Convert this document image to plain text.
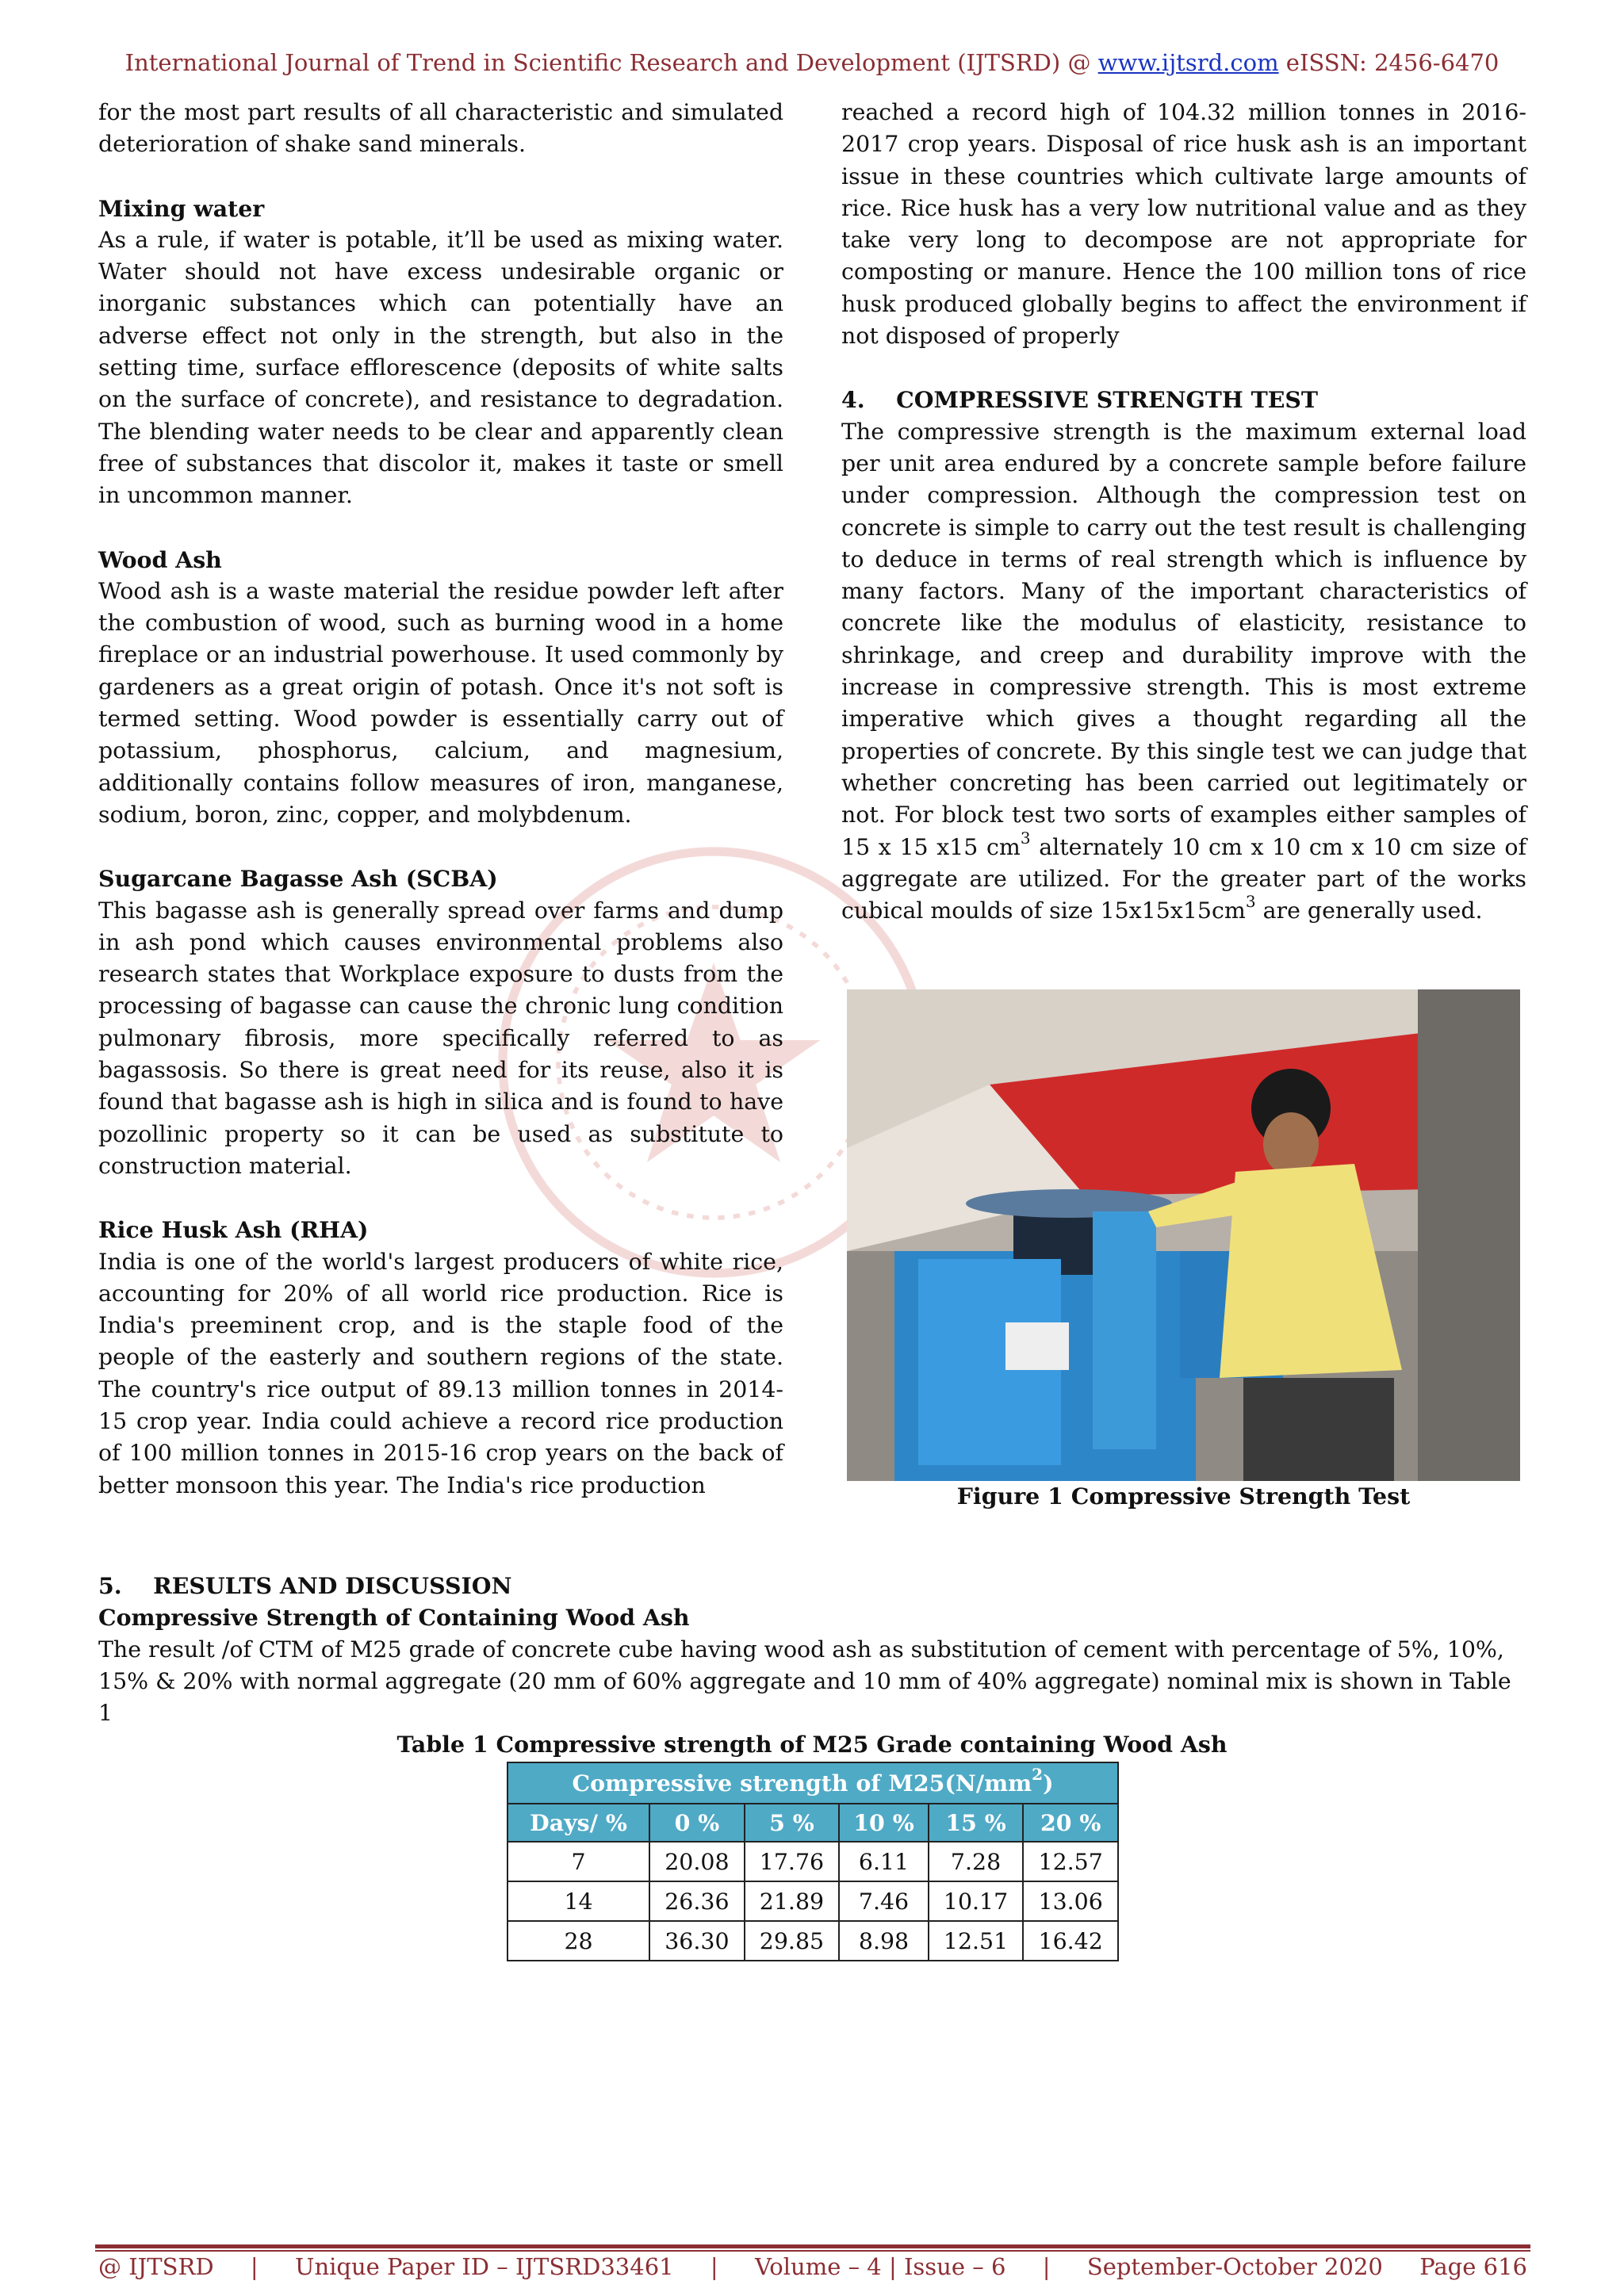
International Journal of Trend in Scientific Research and Development (IJTSRD) @ www.ijtsrd.com eISSN: 2456-6470

for the most part results of all characteristic and simulated deterioration of shake sand minerals.

Mixing water

As a rule, if water is potable, it’ll be used as mixing water. Water should not have excess undesirable organic or inorganic substances which can potentially have an adverse effect not only in the strength, but also in the setting time, surface efflorescence (deposits of white salts on the surface of concrete), and resistance to degradation. The blending water needs to be clear and apparently clean free of substances that discolor it, makes it taste or smell in uncommon manner.

Wood Ash

Wood ash is a waste material the residue powder left after the combustion of wood, such as burning wood in a home fireplace or an industrial powerhouse. It used commonly by gardeners as a great origin of potash. Once it's not soft is termed setting. Wood powder is essentially carry out of potassium, phosphorus, calcium, and magnesium, additionally contains follow measures of iron, manganese, sodium, boron, zinc, copper, and molybdenum.

Sugarcane Bagasse Ash (SCBA)

This bagasse ash is generally spread over farms and dump in ash pond which causes environmental problems also research states that Workplace exposure to dusts from the processing of bagasse can cause the chronic lung condition pulmonary fibrosis, more specifically referred to as bagassosis. So there is great need for its reuse, also it is found that bagasse ash is high in silica and is found to have pozollinic property so it can be used as substitute to construction material.

Rice Husk Ash (RHA)

India is one of the world's largest producers of white rice, accounting for 20% of all world rice production. Rice is India's preeminent crop, and is the staple food of the people of the easterly and southern regions of the state. The country's rice output of 89.13 million tonnes in 2014-15 crop year. India could achieve a record rice production of 100 million tonnes in 2015-16 crop years on the back of better monsoon this year. The India's rice production

reached a record high of 104.32 million tonnes in 2016-2017 crop years. Disposal of rice husk ash is an important issue in these countries which cultivate large amounts of rice. Rice husk has a very low nutritional value and as they take very long to decompose are not appropriate for composting or manure. Hence the 100 million tons of rice husk produced globally begins to affect the environment if not disposed of properly

4.    COMPRESSIVE STRENGTH TEST

The compressive strength is the maximum external load per unit area endured by a concrete sample before failure under compression. Although the compression test on concrete is simple to carry out the test result is challenging to deduce in terms of real strength which is influence by many factors. Many of the important characteristics of concrete like the modulus of elasticity, resistance to shrinkage, and creep and durability improve with the increase in compressive strength. This is most extreme imperative which gives a thought regarding all the properties of concrete. By this single test we can judge that whether concreting has been carried out legitimately or not. For block test two sorts of examples either samples of 15 x 15 x15 $cm^3$ alternately 10 cm x 10 cm x 10 cm size of aggregate are utilized. For the greater part of the works cubical moulds of size $15x15x15cm^3$ are generally used.

Figure 1 Compressive Strength Test
5.    RESULTS AND DISCUSSION
Compressive Strength of Containing Wood Ash

The result /of CTM of M25 grade of concrete cube having wood ash as substitution of cement with percentage of 5%, 10%, 15% & 20% with normal aggregate (20 mm of 60% aggregate and 10 mm of 40% aggregate) nominal mix is shown in Table 1

Table 1 Compressive strength of M25 Grade containing Wood Ash
Compressive strength of $M25(N/mm^2)$					
Days/ %	0 %	5 %	10 %	15 %	20 %
7	20.08	17.76	6.11	7.28	12.57
14	26.36	21.89	7.46	10.17	13.06
28	36.30	29.85	8.98	12.51	16.42
@ IJTSRD | Unique Paper ID – IJTSRD33461 | Volume – 4 | Issue – 6 | September-October 2020 Page 616
